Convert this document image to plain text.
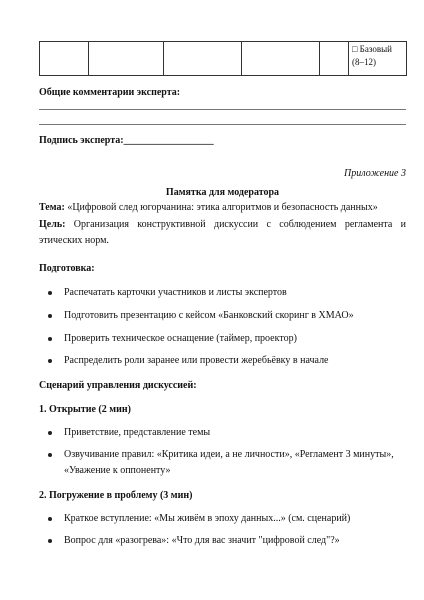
					□ Базовый (8–12)
Общие комментарии эксперта:
Подпись эксперта:__________________
Приложение 3
Памятка для модератора

Тема: «Цифровой след югорчанина: этика алгоритмов и безопасность данных»

Цель: Организация конструктивной дискуссии с соблюдением регламента и этических норм.

Подготовка:
Распечатать карточки участников и листы экспертов
Подготовить презентацию с кейсом «Банковский скоринг в ХМАО»
Проверить техническое оснащение (таймер, проектор)
Распределить роли заранее или провести жеребьёвку в начале
Сценарий управления дискуссией:
1. Открытие (2 мин)
Приветствие, представление темы
Озвучивание правил: «Критика идеи, а не личности», «Регламент 3 минуты»,
«Уважение к оппоненту»
2. Погружение в проблему (3 мин)
Краткое вступление: «Мы живём в эпоху данных...» (см. сценарий)
Вопрос для «разогрева»: «Что для вас значит "цифровой след"?»
